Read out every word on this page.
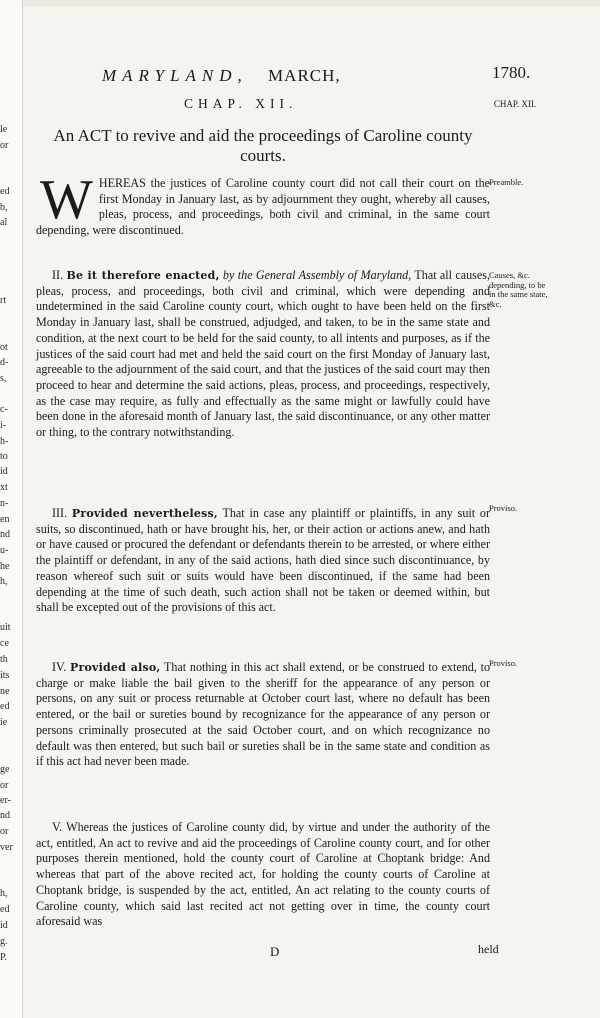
le
or
ed
b,
al
rt
ot
d-
s,
c-
i-
h-
to
id
xt
n-
en
nd
u-
he
h,
uit
ce
th
its
ne
ed
ie
ge
or
er-
nd
or
ver
h,
ed
id
g.
P.
MARYLAND, MARCH,	1780.
CHAP. XII.	CHAP. XII.
An ACT to revive and aid the proceedings of Caroline county courts.
Preamble.
Causes, &c. depending, to be in the same state, &c.
Proviso.
Proviso.
WHEREAS the justices of Caroline county court did not call their court on the first Monday in January last, as by adjournment they ought, whereby all causes, pleas, process, and proceedings, both civil and criminal, in the same court depending, were discontinued.
II. Be it therefore enacted, by the General Assembly of Maryland, That all causes, pleas, process, and proceedings, both civil and criminal, which were depending and undetermined in the said Caroline county court, which ought to have been held on the first Monday in January last, shall be construed, adjudged, and taken, to be in the same state and condition, at the next court to be held for the said county, to all intents and purposes, as if the justices of the said court had met and held the said court on the first Monday of January last, agreeable to the adjournment of the said court, and that the justices of the said court may then proceed to hear and determine the said actions, pleas, process, and proceedings, respectively, as the case may require, as fully and effectually as the same might or lawfully could have been done in the aforesaid month of January last, the said discontinuance, or any other matter or thing, to the contrary notwithstanding.
III. Provided nevertheless, That in case any plaintiff or plaintiffs, in any suit or suits, so discontinued, hath or have brought his, her, or their action or actions anew, and hath or have caused or procured the defendant or defendants therein to be arrested, or where either the plaintiff or defendant, in any of the said actions, hath died since such discontinuance, by reason whereof such suit or suits would have been discontinued, if the same had been depending at the time of such death, such action shall not be taken or deemed within, but shall be excepted out of the provisions of this act.
IV. Provided also, That nothing in this act shall extend, or be construed to extend, to charge or make liable the bail given to the sheriff for the appearance of any person or persons, on any suit or process returnable at October court last, where no default has been entered, or the bail or sureties bound by recognizance for the appearance of any person or persons criminally prosecuted at the said October court, and on which recognizance no default was then entered, but such bail or sureties shall be in the same state and condition as if this act had never been made.
V. Whereas the justices of Caroline county did, by virtue and under the authority of the act, entitled, An act to revive and aid the proceedings of Caroline county court, and for other purposes therein mentioned, hold the county court of Caroline at Choptank bridge: And whereas that part of the above recited act, for holding the county courts of Caroline at Choptank bridge, is suspended by the act, entitled, An act relating to the county courts of Caroline county, which said last recited act not getting over in time, the county court aforesaid was
D	held
